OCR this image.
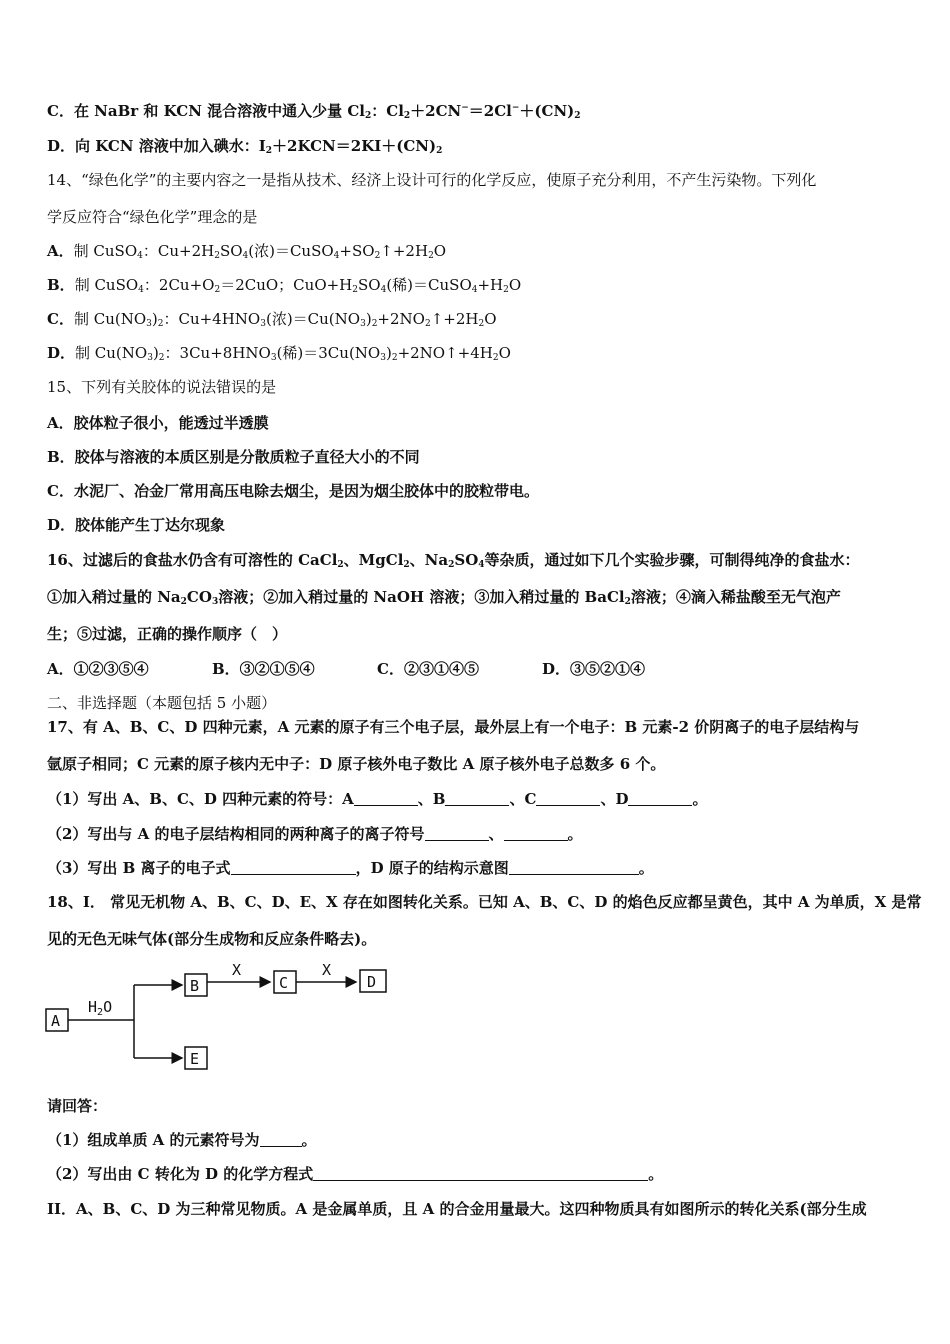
C．在 NaBr 和 KCN 混合溶液中通入少量 $Cl_2$：$Cl_2+2CN^-=2Cl^-+(CN)_2$
D．向 KCN 溶液中加入碘水：$I_2+2KCN=2KI+(CN)_2$
14、“绿色化学”的主要内容之一是指从技术、经济上设计可行的化学反应，使原子充分利用，不产生污染物。下列化
学反应符合“绿色化学”理念的是
A．制 CuSO$_4$：$Cu+2H_2SO_4$(浓)$=CuSO_4+SO_2↑+2H_2O$
B．制 CuSO$_4$：$2Cu+O_2=2CuO$；$CuO+H_2SO_4$(稀)$=CuSO_4+H_2O$
C．制 $Cu(NO_3)_2$：$Cu+4HNO_3$(浓)$=Cu(NO_3)_2+2NO_2↑+2H_2O$
D．制 $Cu(NO_3)_2$：$3Cu+8HNO_3$(稀)$=3Cu(NO_3)_2+2NO↑+4H_2O$
15、下列有关胶体的说法错误的是
A．胶体粒子很小，能透过半透膜
B．胶体与溶液的本质区别是分散质粒子直径大小的不同
C．水泥厂、冶金厂常用高压电除去烟尘，是因为烟尘胶体中的胶粒带电。
D．胶体能产生丁达尔现象
16、过滤后的食盐水仍含有可溶性的 CaCl$_2$、MgCl$_2$、$Na_2SO_4$等杂质，通过如下几个实验步骤，可制得纯净的食盐水：
①加入稍过量的 $Na_2CO_3$溶液；②加入稍过量的 NaOH 溶液；③加入稍过量的 BaCl$_2$溶液；④滴入稀盐酸至无气泡产
生；⑤过滤，正确的操作顺序（　）
A．①②③⑤④	B．③②①⑤④	C．②③①④⑤	D．③⑤②①④
二、非选择题（本题包括 5 小题）
17、有 A、B、C、D 四种元素，A 元素的原子有三个电子层，最外层上有一个电子：B 元素-2 价阴离子的电子层结构与
氩原子相同；C 元素的原子核内无中子：D 原子核外电子数比 A 原子核外电子总数多 6 个。
（1）写出 A、B、C、D 四种元素的符号：A	、B	、C	、D	。
（2）写出与 A 的电子层结构相同的两种离子的离子符号	、	。
（3）写出 B 离子的电子式	，D 原子的结构示意图	。
18、I． 常见无机物 A、B、C、D、E、X 存在如图转化关系。已知 A、B、C、D 的焰色反应都呈黄色，其中 A 为单质，X 是常
见的无色无味气体(部分生成物和反应条件略去)。
A
$H_2O$
B
E
X
C
X
D
请回答：
（1）组成单质 A 的元素符号为	。
（2）写出由 C 转化为 D 的化学方程式	。
II．A、B、C、D 为三种常见物质。A 是金属单质，且 A 的合金用量最大。这四种物质具有如图所示的转化关系(部分生成
